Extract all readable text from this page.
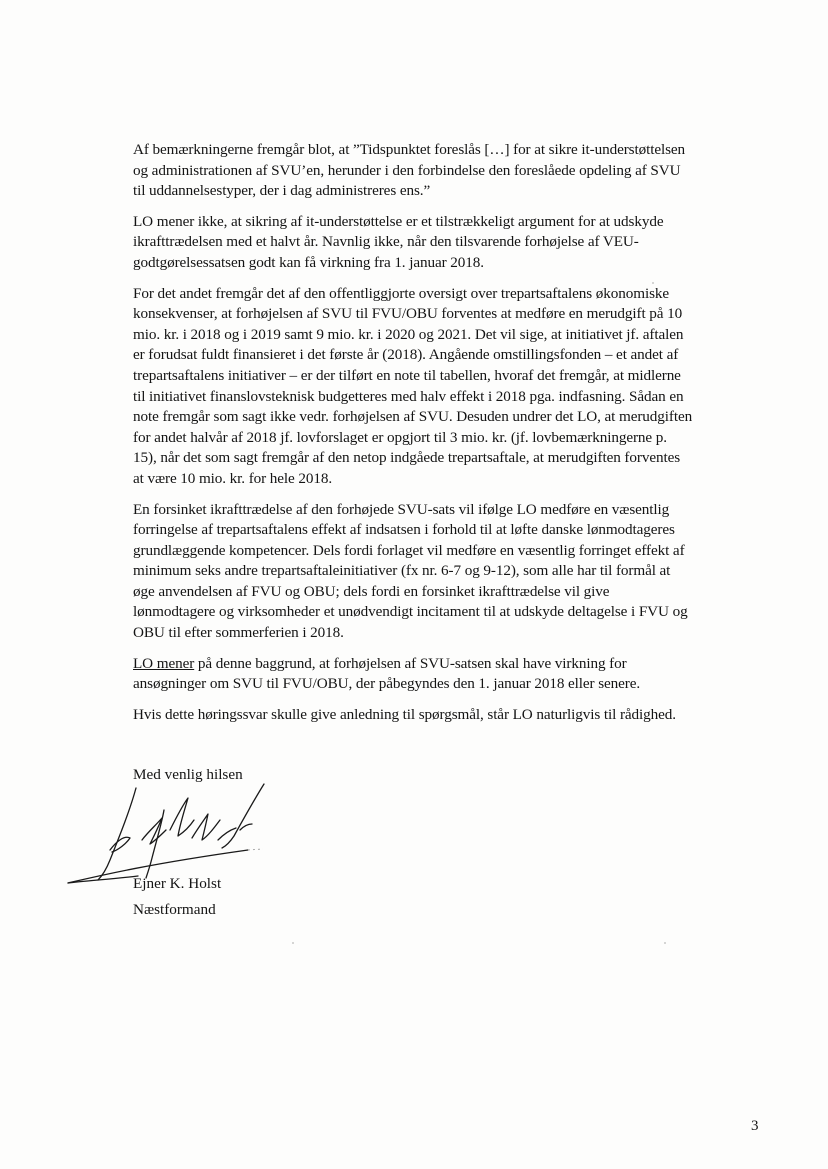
Af bemærkningerne fremgår blot, at ”Tidspunktet foreslås […] for at sikre it-understøttelsen og administrationen af SVU’en, herunder i den forbindelse den foreslåede opdeling af SVU til uddannelsestyper, der i dag administreres ens.”

LO mener ikke, at sikring af it-understøttelse er et tilstrækkeligt argument for at udskyde ikrafttrædelsen med et halvt år. Navnlig ikke, når den tilsvarende forhøjelse af VEU-godtgørelsessatsen godt kan få virkning fra 1. januar 2018.

For det andet fremgår det af den offentliggjorte oversigt over trepartsaftalens økonomiske konsekvenser, at forhøjelsen af SVU til FVU/OBU forventes at medføre en merudgift på 10 mio. kr. i 2018 og i 2019 samt 9 mio. kr. i 2020 og 2021. Det vil sige, at initiativet jf. aftalen er forudsat fuldt finansieret i det første år (2018). Angående omstillingsfonden – et andet af trepartsaftalens initiativer – er der tilført en note til tabellen, hvoraf det fremgår, at midlerne til initiativet finanslovsteknisk budgetteres med halv effekt i 2018 pga. indfasning. Sådan en note fremgår som sagt ikke vedr. forhøjelsen af SVU. Desuden undrer det LO, at merudgiften for andet halvår af 2018 jf. lovforslaget er opgjort til 3 mio. kr. (jf. lovbemærkningerne p. 15), når det som sagt fremgår af den netop indgåede trepartsaftale, at merudgiften forventes at være 10 mio. kr. for hele 2018.

En forsinket ikrafttrædelse af den forhøjede SVU-sats vil ifølge LO medføre en væsentlig forringelse af trepartsaftalens effekt af indsatsen i forhold til at løfte danske lønmodtageres grundlæggende kompetencer. Dels fordi forlaget vil medføre en væsentlig forringet effekt af minimum seks andre trepartsaftaleinitiativer (fx nr. 6-7 og 9-12), som alle har til formål at øge anvendelsen af FVU og OBU; dels fordi en forsinket ikrafttrædelse vil give lønmodtagere og virksomheder et unødvendigt incitament til at udskyde deltagelse i FVU og OBU til efter sommerferien i 2018.

LO mener på denne baggrund, at forhøjelsen af SVU-satsen skal have virkning for ansøgninger om SVU til FVU/OBU, der påbegyndes den 1. januar 2018 eller senere.

Hvis dette høringssvar skulle give anledning til spørgsmål, står LO naturligvis til rådighed.

Med venlig hilsen
Ejner K. Holst
Næstformand
3
